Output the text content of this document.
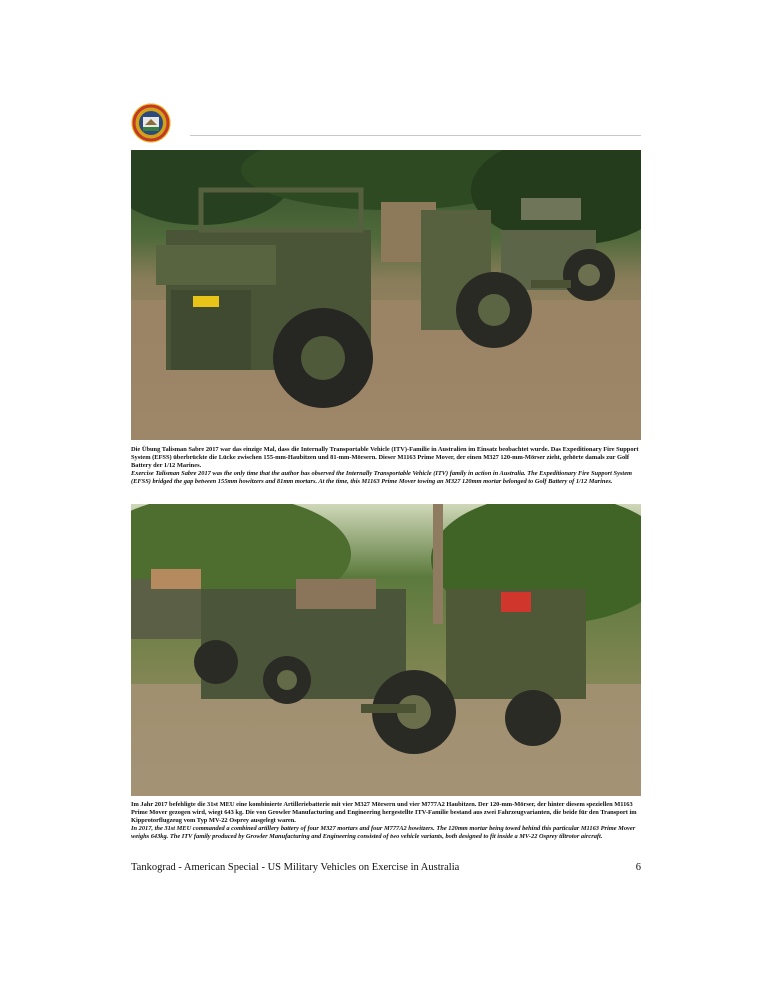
Die Übung Talisman Sabre 2017 war das einzige Mal, dass die Internally Transportable Vehicle (ITV)-Familie in Australien im Einsatz beobachtet wurde. Das Expeditionary Fire Support System (EFSS) überbrückte die Lücke zwischen 155-mm-Haubitzen und 81-mm-Mörsern. Dieser M1163 Prime Mover, der einen M327 120-mm-Mörser zieht, gehörte damals zur Golf Battery der 1/12 Marines.

Exercise Talisman Sabre 2017 was the only time that the author has observed the Internally Transportable Vehicle (ITV) family in action in Australia. The Expeditionary Fire Support System (EFSS) bridged the gap between 155mm howitzers and 81mm mortars. At the time, this M1163 Prime Mover towing an M327 120mm mortar belonged to Golf Battery of 1/12 Marines.

Im Jahr 2017 befehligte die 31st MEU eine kombinierte Artilleriebatterie mit vier M327 Mörsern und vier M777A2 Haubitzen. Der 120-mm-Mörser, der hinter diesem speziellen M1163 Prime Mover gezogen wird, wiegt 643 kg. Die von Growler Manufacturing and Engineering hergestellte ITV-Familie bestand aus zwei Fahrzeugvarianten, die beide für den Transport im Kipprotorflugzeug vom Typ MV-22 Osprey ausgelegt waren.

In 2017, the 31st MEU commanded a combined artillery battery of four M327 mortars and four M777A2 howitzers. The 120mm mortar being towed behind this particular M1163 Prime Mover weighs 643kg. The ITV family produced by Growler Manufacturing and Engineering consisted of two vehicle variants, both designed to fit inside a MV-22 Osprey tiltrotor aircraft.

Tankograd - American Special - US Military Vehicles on Exercise in Australia	6
